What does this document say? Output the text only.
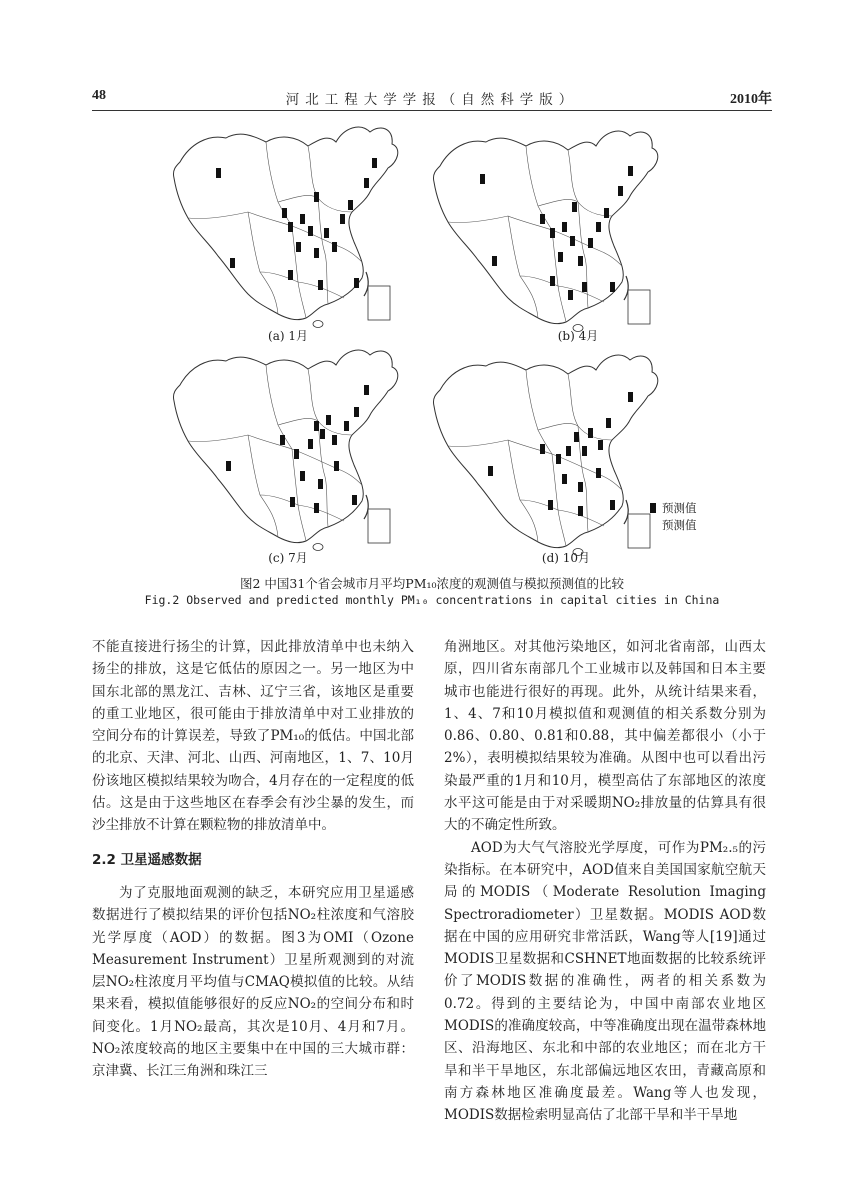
48	河北工程大学学报（自然科学版）	2010年
(a) 1月	(b) 4月
预测值
预测值
(c) 7月	(d) 10月
图2 中国31个省会城市月平均PM₁₀浓度的观测值与模拟预测值的比较
Fig.2 Observed and predicted monthly PM₁₀ concentrations in capital cities in China

不能直接进行扬尘的计算，因此排放清单中也未纳入扬尘的排放，这是它低估的原因之一。另一地区为中国东北部的黑龙江、吉林、辽宁三省，该地区是重要的重工业地区，很可能由于排放清单中对工业排放的空间分布的计算误差，导致了PM₁₀的低估。中国北部的北京、天津、河北、山西、河南地区，1、7、10月份该地区模拟结果较为吻合，4月存在的一定程度的低估。这是由于这些地区在春季会有沙尘暴的发生，而沙尘排放不计算在颗粒物的排放清单中。

2.2 卫星遥感数据

为了克服地面观测的缺乏，本研究应用卫星遥感数据进行了模拟结果的评价包括NO₂柱浓度和气溶胶光学厚度（AOD）的数据。图3为OMI（Ozone Measurement Instrument）卫星所观测到的对流层NO₂柱浓度月平均值与CMAQ模拟值的比较。从结果来看，模拟值能够很好的反应NO₂的空间分布和时间变化。1月NO₂最高，其次是10月、4月和7月。NO₂浓度较高的地区主要集中在中国的三大城市群：京津冀、长江三角洲和珠江三

角洲地区。对其他污染地区，如河北省南部，山西太原，四川省东南部几个工业城市以及韩国和日本主要城市也能进行很好的再现。此外，从统计结果来看，1、4、7和10月模拟值和观测值的相关系数分别为0.86、0.80、0.81和0.88，其中偏差都很小（小于2%），表明模拟结果较为准确。从图中也可以看出污染最严重的1月和10月，模型高估了东部地区的浓度水平这可能是由于对采暖期NO₂排放量的估算具有很大的不确定性所致。

AOD为大气气溶胶光学厚度，可作为PM₂.₅的污染指标。在本研究中，AOD值来自美国国家航空航天局的MODIS（Moderate Resolution Imaging Spectroradiometer）卫星数据。MODIS AOD数据在中国的应用研究非常活跃，Wang等人[19]通过MODIS卫星数据和CSHNET地面数据的比较系统评价了MODIS数据的准确性，两者的相关系数为0.72。得到的主要结论为，中国中南部农业地区MODIS的准确度较高，中等准确度出现在温带森林地区、沿海地区、东北和中部的农业地区；而在北方干旱和半干旱地区，东北部偏远地区农田，青藏高原和南方森林地区准确度最差。Wang等人也发现，MODIS数据检索明显高估了北部干旱和半干旱地
